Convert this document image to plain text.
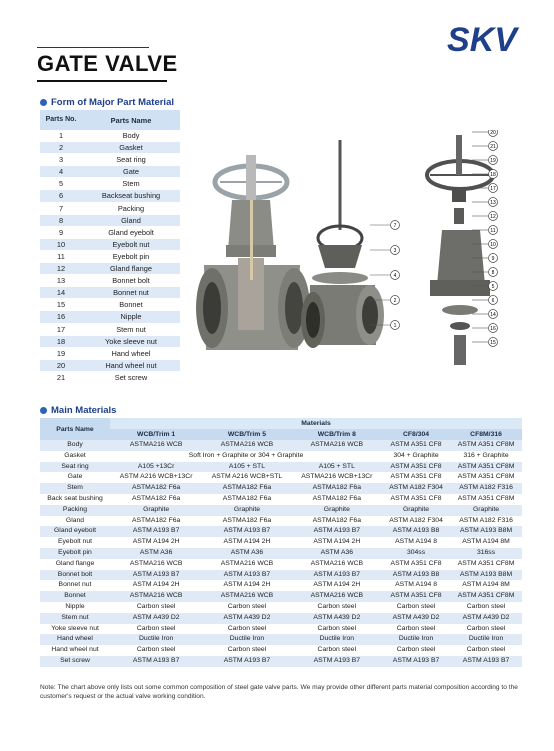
GATE VALVE
SKV
Form of Major Part Material
Parts No.	Parts Name
1	Body
2	Gasket
3	Seat ring
4	Gate
5	Stem
6	Backseat bushing
7	Packing
8	Gland
9	Gland eyebolt
10	Eyebolt nut
11	Eyebolt pin
12	Gland flange
13	Bonnet bolt
14	Bonnet nut
15	Bonnet
16	Nipple
17	Stem nut
18	Yoke sleeve nut
19	Hand wheel
20	Hand wheel nut
21	Set screw
7
3
4
2
1
20
21
19
18
17
13
12
11
10
9
8
5
6
14
16
15
Main Materials
Parts Name	Materials				
	WCB/Trim 1	WCB/Trim 5	WCB/Trim 8	CF8/304	CF8M/316
Body	ASTMA216 WCB	ASTMA216 WCB	ASTMA216 WCB	ASTM A351 CF8	ASTM A351 CF8M
Gasket	Soft Iron + Graphite or 304 + Graphite			304 + Graphite	316 + Graphite
Seat ring	A105 +13Cr	A105 + STL	A105 + STL	ASTM A351 CF8	ASTM A351 CF8M
Gate	ASTM A216 WCB+13Cr	ASTM A216 WCB+STL	ASTMA216 WCB+13Cr	ASTM A351 CF8	ASTM A351 CF8M
Stem	ASTMA182 F6a	ASTMA182 F6a	ASTMA182 F6a	ASTM A182 F304	ASTM A182 F316
Back seat bushing	ASTMA182 F6a	ASTMA182 F6a	ASTMA182 F6a	ASTM A351 CF8	ASTM A351 CF8M
Packing	Graphite	Graphite	Graphite	Graphite	Graphite
Gland	ASTMA182 F6a	ASTMA182 F6a	ASTMA182 F6a	ASTM A182 F304	ASTM A182 F316
Gland eyebolt	ASTM A193 B7	ASTM A193 B7	ASTM A193 B7	ASTM A193 B8	ASTM A193 B8M
Eyebolt nut	ASTM A194 2H	ASTM A194 2H	ASTM A194 2H	ASTM A194 8	ASTM A194 8M
Eyebolt pin	ASTM A36	ASTM A36	ASTM A36	304ss	316ss
Gland flange	ASTMA216 WCB	ASTMA216 WCB	ASTMA216 WCB	ASTM A351 CF8	ASTM A351 CF8M
Bonnet bolt	ASTM A193 B7	ASTM A193 B7	ASTM A193 B7	ASTM A193 B8	ASTM A193 B8M
Bonnet nut	ASTM A194 2H	ASTM A194 2H	ASTM A194 2H	ASTM A194 8	ASTM A194 8M
Bonnet	ASTMA216 WCB	ASTMA216 WCB	ASTMA216 WCB	ASTM A351 CF8	ASTM A351 CF8M
Nipple	Carbon steel	Carbon steel	Carbon steel	Carbon steel	Carbon steel
Stem nut	ASTM A439 D2	ASTM A439 D2	ASTM A439 D2	ASTM A439 D2	ASTM A439 D2
Yoke sleeve nut	Carbon steel	Carbon steel	Carbon steel	Carbon steel	Carbon steel
Hand wheel	Ductile Iron	Ductile Iron	Ductile Iron	Ductile Iron	Ductile Iron
Hand wheel nut	Carbon steel	Carbon steel	Carbon steel	Carbon steel	Carbon steel
Set screw	ASTM A193 B7	ASTM A193 B7	ASTM A193 B7	ASTM A193 B7	ASTM A193 B7
Note: The chart above only lists out some common composition of steel gate valve parts. We may provide other different parts material composition according to the customer's request or the actual valve working condition.
